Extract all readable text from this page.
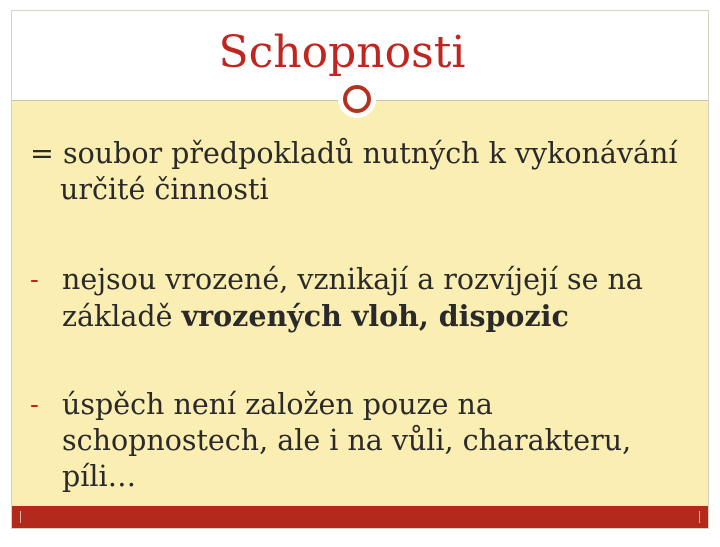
Schopnosti
= soubor předpokladů nutných k vykonávání určité činnosti
- nejsou vrozené, vznikají a rozvíjejí se na základě vrozených vloh, dispozic
- úspěch není založen pouze na schopnostech, ale i na vůli, charakteru, píli…
